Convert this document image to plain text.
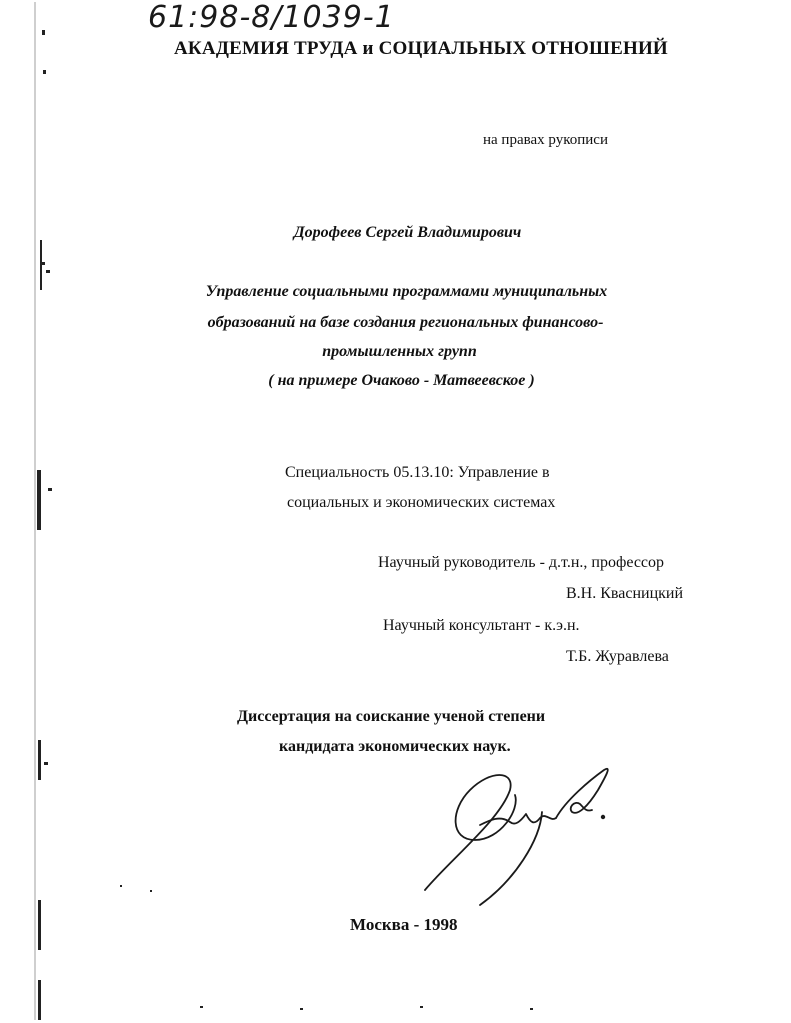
61:98-8/1039-1
АКАДЕМИЯ ТРУДА и СОЦИАЛЬНЫХ ОТНОШЕНИЙ
на правах рукописи
Дорофеев Сергей Владимирович
Управление социальными программами муниципальных
образований на базе создания региональных финансово-
промышленных групп
( на примере Очаково - Матвеевское )
Специальность 05.13.10: Управление в
социальных и экономических системах
Научный руководитель - д.т.н., профессор
В.Н. Квасницкий
Научный консультант - к.э.н.
Т.Б. Журавлева
Диссертация на соискание ученой степени
кандидата экономических наук.
Москва - 1998
